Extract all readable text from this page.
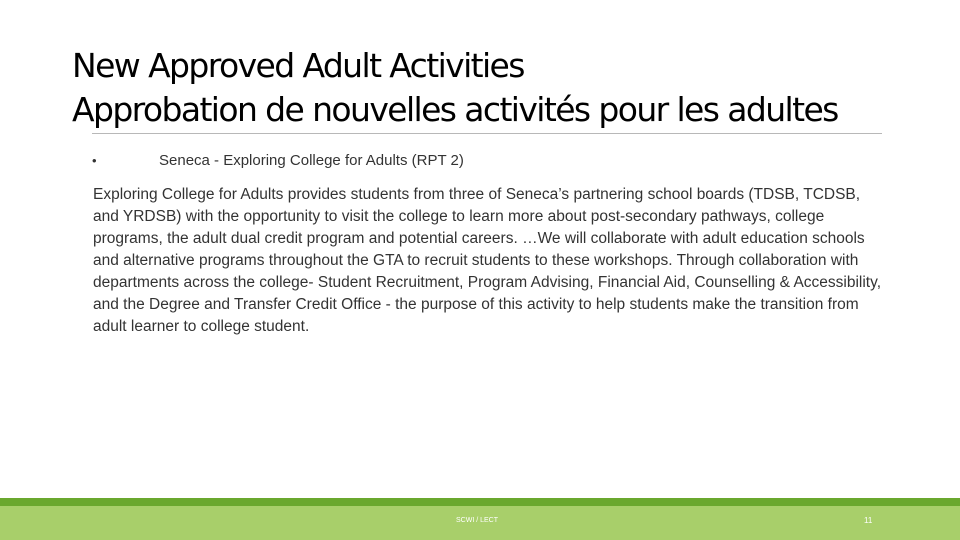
New Approved Adult Activities
Approbation de nouvelles activités pour les adultes
•	Seneca - Exploring College for Adults (RPT 2)

Exploring College for Adults provides students from three of Seneca’s partnering school boards (TDSB, TCDSB, and YRDSB) with the opportunity to visit the college to learn more about post-secondary pathways, college programs, the adult dual credit program and potential careers. …We will collaborate with adult education schools and alternative programs throughout the GTA to recruit students to these workshops. Through collaboration with departments across the college- Student Recruitment, Program Advising, Financial Aid, Counselling & Accessibility, and the Degree and Transfer Credit Office - the purpose of this activity to help students make the transition from adult learner to college student.

SCWI / LECT	11
